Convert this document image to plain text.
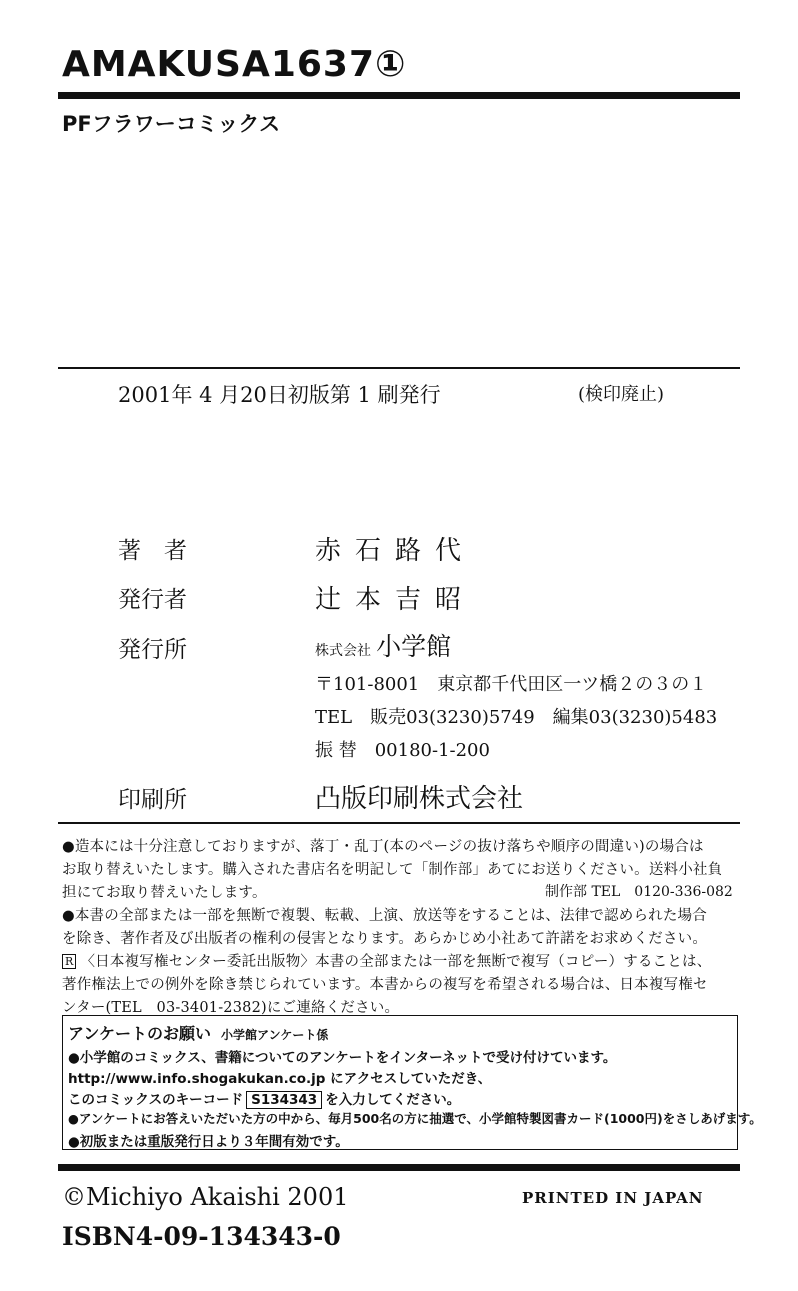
AMAKUSA1637①
PFフラワーコミックス
2001年 4 月20日初版第 1 刷発行	(検印廃止)
著　者	赤石路代
発行者	辻本吉昭
発行所	株式会社 小学館
〒101-8001　東京都千代田区一ツ橋２の３の１
TEL　販売03(3230)5749　編集03(3230)5483
振 替　00180-1-200
印刷所	凸版印刷株式会社
●造本には十分注意しておりますが、落丁・乱丁(本のページの抜け落ちや順序の間違い)の場合は
お取り替えいたします。購入された書店名を明記して「制作部」あてにお送りください。送料小社負
担にてお取り替えいたします。	制作部 TEL　0120-336-082
●本書の全部または一部を無断で複製、転載、上演、放送等をすることは、法律で認められた場合
を除き、著作者及び出版者の権利の侵害となります。あらかじめ小社あて許諾をお求めください。
R 〈日本複写権センター委託出版物〉本書の全部または一部を無断で複写（コピー）することは、
著作権法上での例外を除き禁じられています。本書からの複写を希望される場合は、日本複写権セ
ンター(TEL　03-3401-2382)にご連絡ください。
アンケートのお願い 小学館アンケート係
●小学館のコミックス、書籍についてのアンケートをインターネットで受け付けています。
http://www.info.shogakukan.co.jp にアクセスしていただき、
このコミックスのキーコード S134343 を入力してください。
●アンケートにお答えいただいた方の中から、毎月500名の方に抽選で、小学館特製図書カード(1000円)をさしあげます。
●初版または重版発行日より３年間有効です。
©Michiyo Akaishi 2001	PRINTED IN JAPAN
ISBN4-09-134343-0
